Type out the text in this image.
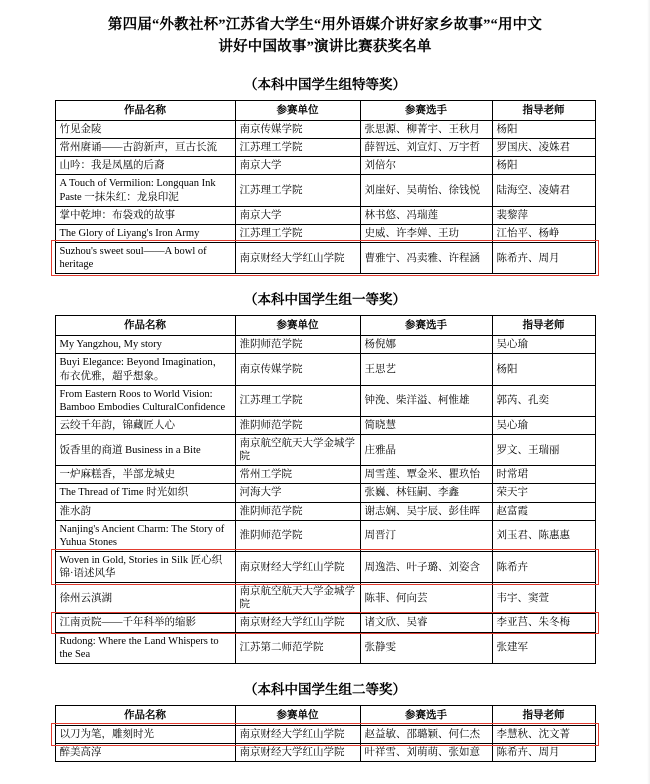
第四届“外教社杯”江苏省大学生“用外语媒介讲好家乡故事”“用中文
讲好中国故事”演讲比赛获奖名单
（本科中国学生组特等奖）
作品名称	参赛单位	参赛选手	指导老师
竹见金陵	南京传媒学院	张思源、柳菁宇、王秋月	杨阳
常州赓诵——古韵新声，亘古长流	江苏理工学院	薛智远、刘宣灯、万宇哲	罗国庆、凌姝君
山吟：我是凤凰的后裔	南京大学	刘倍尔	杨阳
A Touch of Vermilion: Longquan Ink Paste 一抹朱红：龙泉印泥	江苏理工学院	刘崖好、吴萌怡、徐钱悦	陆海空、凌婧君
掌中乾坤：布袋戏的故事	南京大学	林书悠、冯瑞莲	裴黎萍
The Glory of Liyang's Iron Army	江苏理工学院	史威、许李婵、王玏	江怡平、杨峥
Suzhou's sweet soul——A bowl of heritage	南京财经大学红山学院	曹雅宁、冯卖雅、许程涵	陈希卉、周月
（本科中国学生组一等奖）
作品名称	参赛单位	参赛选手	指导老师
My Yangzhou, My story	淮阴师范学院	杨倪娜	吴心瑜
Buyi Elegance: Beyond Imagination，布衣优雅，超乎想象。	南京传媒学院	王思艺	杨阳
From Eastern Roos to World Vision: Bamboo Embodies CulturalConfidence	江苏理工学院	钟浼、柴洋溢、柯惟雄	郭芮、孔奕
云绞千年韵，锦藏匠人心	淮阴师范学院	简晓慧	吴心瑜
饭香里的商道 Business in a Bite	南京航空航天大学金城学院	庄雅晶	罗文、王瑞丽
一炉麻糕香，半部龙城史	常州工学院	周雪莲、覃金米、瞿玖怡	时常珺
The Thread of Time 时光如织	河海大学	张巍、林钰嗣、李鑫	荣天宇
淮水韵	淮阴师范学院	谢志娴、吴宇辰、彭佳晖	赵富霞
Nanjing's Ancient Charm: The Story of Yuhua Stones	淮阴师范学院	周晋汀	刘玉君、陈惠惠
Woven in Gold, Stories in Silk 匠心织锦·语述风华	南京财经大学红山学院	周逸浩、叶子璐、刘姿含	陈希卉
徐州云滇湖	南京航空航天大学金城学院	陈菲、何向芸	韦宇、窦萱
江南贡院——千年科举的缩影	南京财经大学红山学院	诸文欣、吴睿	李亚莒、朱冬梅
Rudong: Where the Land Whispers to the Sea	江苏第二师范学院	张静雯	张建军
（本科中国学生组二等奖）
作品名称	参赛单位	参赛选手	指导老师
以刀为笔，雕刻时光	南京财经大学红山学院	赵益敏、邵璐颖、何仁杰	李慧秋、沈文菁
醉美高淳	南京财经大学红山学院	叶祥雪、刘萌萌、张如意	陈希卉、周月
